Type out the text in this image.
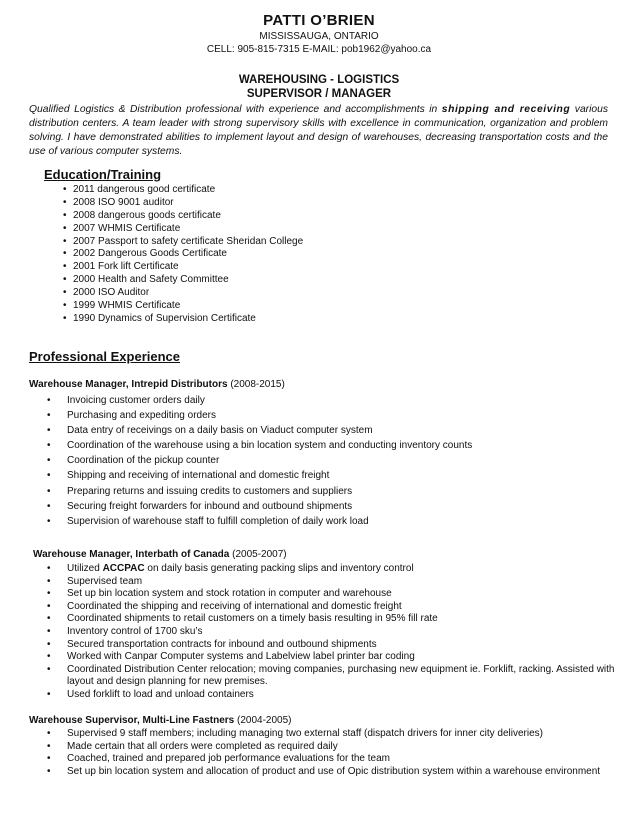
PATTI O’BRIEN
MISSISSAUGA, ONTARIO
CELL: 905-815-7315 E-MAIL: pob1962@yahoo.ca
WAREHOUSING - LOGISTICS
SUPERVISOR / MANAGER
Qualified Logistics & Distribution professional with experience and accomplishments in shipping and receiving various distribution centers. A team leader with strong supervisory skills with excellence in communication, organization and problem solving. I have demonstrated abilities to implement layout and design of warehouses, decreasing transportation costs and the use of various computer systems.
Education/Training
• 2011 dangerous good certificate
• 2008 ISO 9001 auditor
• 2008 dangerous goods certificate
• 2007 WHMIS Certificate
• 2007 Passport to safety certificate Sheridan College
• 2002 Dangerous Goods Certificate
• 2001 Fork lift Certificate
• 2000 Health and Safety Committee
• 2000 ISO Auditor
• 1999 WHMIS Certificate
• 1990 Dynamics of Supervision Certificate
Professional Experience
Warehouse Manager, Intrepid Distributors (2008-2015)
• Invoicing customer orders daily
• Purchasing and expediting orders
• Data entry of receivings on a daily basis on Viaduct computer system
• Coordination of the warehouse using a bin location system and conducting inventory counts
• Coordination of the pickup counter
• Shipping and receiving of international and domestic freight
• Preparing returns and issuing credits to customers and suppliers
• Securing freight forwarders for inbound and outbound shipments
• Supervision of warehouse staff to fulfill completion of daily work load
Warehouse Manager, Interbath of Canada (2005-2007)
• Utilized ACCPAC on daily basis generating packing slips and inventory control
• Supervised team
• Set up bin location system and stock rotation in computer and warehouse
• Coordinated the shipping and receiving of international and domestic freight
• Coordinated shipments to retail customers on a timely basis resulting in 95% fill rate
• Inventory control of 1700 sku’s
• Secured transportation contracts for inbound and outbound shipments
• Worked with Canpar Computer systems and Labelview label printer bar coding
• Coordinated Distribution Center relocation; moving companies, purchasing new equipment ie. Forklift, racking. Assisted with layout and design planning for new premises.
• Used forklift to load and unload containers
Warehouse Supervisor, Multi-Line Fastners (2004-2005)
• Supervised 9 staff members; including managing two external staff (dispatch drivers for inner city deliveries)
• Made certain that all orders were completed as required daily
• Coached, trained and prepared job performance evaluations for the team
• Set up bin location system and allocation of product and use of Opic distribution system within a warehouse environment
